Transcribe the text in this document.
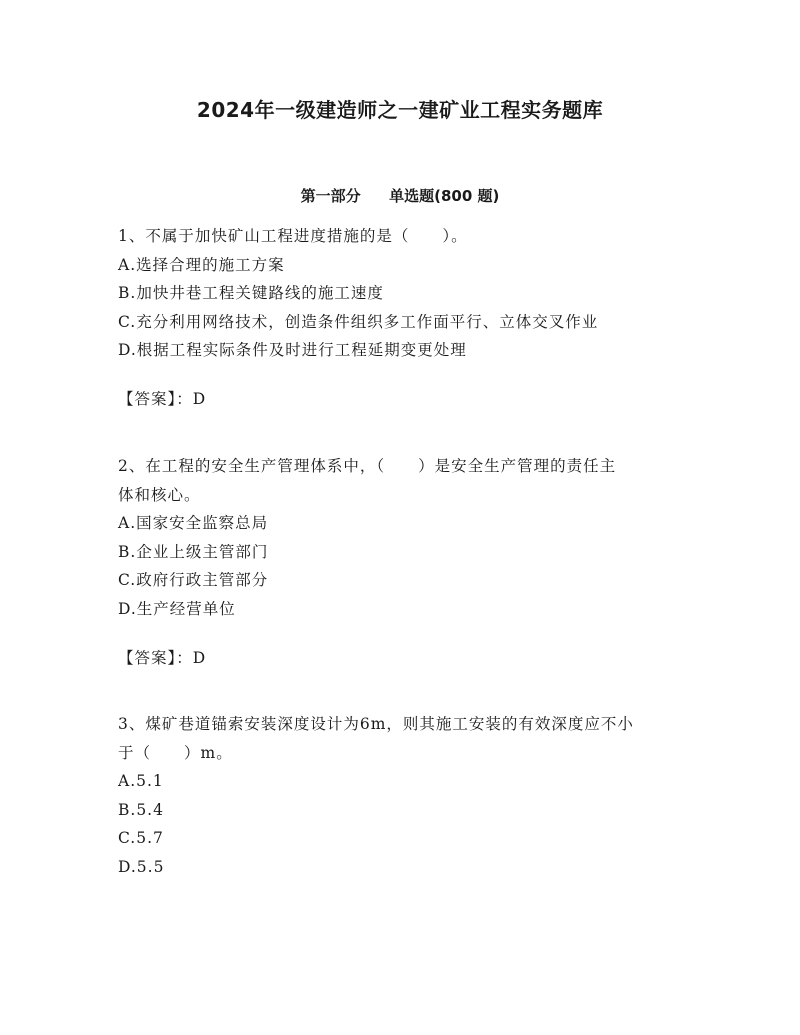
2024年一级建造师之一建矿业工程实务题库
第一部分 单选题(800 题)
1、不属于加快矿山工程进度措施的是（　　）。
A.选择合理的施工方案
B.加快井巷工程关键路线的施工速度
C.充分利用网络技术，创造条件组织多工作面平行、立体交叉作业
D.根据工程实际条件及时进行工程延期变更处理
【答案】：D
2、在工程的安全生产管理体系中，（　　）是安全生产管理的责任主
体和核心。
A.国家安全监察总局
B.企业上级主管部门
C.政府行政主管部分
D.生产经营单位
【答案】：D
3、煤矿巷道锚索安装深度设计为6m，则其施工安装的有效深度应不小
于（　　）m。
A.5.1
B.5.4
C.5.7
D.5.5
